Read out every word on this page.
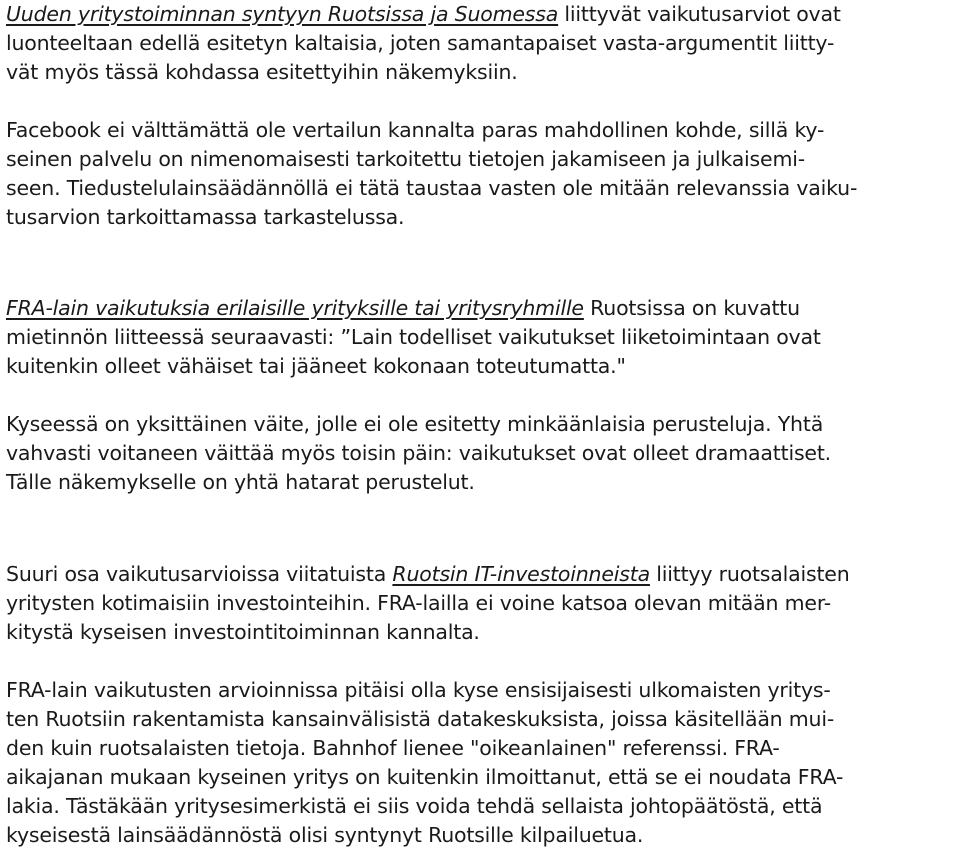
Uuden yritystoiminnan syntyyn Ruotsissa ja Suomessa liittyvät vaikutusarviot ovat
luonteeltaan edellä esitetyn kaltaisia, joten samantapaiset vasta-argumentit liitty-
vät myös tässä kohdassa esitettyihin näkemyksiin.

Facebook ei välttämättä ole vertailun kannalta paras mahdollinen kohde, sillä ky-
seinen palvelu on nimenomaisesti tarkoitettu tietojen jakamiseen ja julkaisemi-
seen. Tiedustelulainsäädännöllä ei tätä taustaa vasten ole mitään relevanssia vaiku-
tusarvion tarkoittamassa tarkastelussa.

FRA-lain vaikutuksia erilaisille yrityksille tai yritysryhmille Ruotsissa on kuvattu
mietinnön liitteessä seuraavasti: ”Lain todelliset vaikutukset liiketoimintaan ovat
kuitenkin olleet vähäiset tai jääneet kokonaan toteutumatta."

Kyseessä on yksittäinen väite, jolle ei ole esitetty minkäänlaisia perusteluja. Yhtä
vahvasti voitaneen väittää myös toisin päin: vaikutukset ovat olleet dramaattiset.
Tälle näkemykselle on yhtä hatarat perustelut.

Suuri osa vaikutusarvioissa viitatuista Ruotsin IT-investoinneista liittyy ruotsalaisten
yritysten kotimaisiin investointeihin. FRA-lailla ei voine katsoa olevan mitään mer-
kitystä kyseisen investointitoiminnan kannalta.

FRA-lain vaikutusten arvioinnissa pitäisi olla kyse ensisijaisesti ulkomaisten yritys-
ten Ruotsiin rakentamista kansainvälisistä datakeskuksista, joissa käsitellään mui-
den kuin ruotsalaisten tietoja. Bahnhof lienee "oikeanlainen" referenssi. FRA-
aikajanan mukaan kyseinen yritys on kuitenkin ilmoittanut, että se ei noudata FRA-
lakia. Tästäkään yritysesimerkistä ei siis voida tehdä sellaista johtopäätöstä, että
kyseisestä lainsäädännöstä olisi syntynyt Ruotsille kilpailuetua.
